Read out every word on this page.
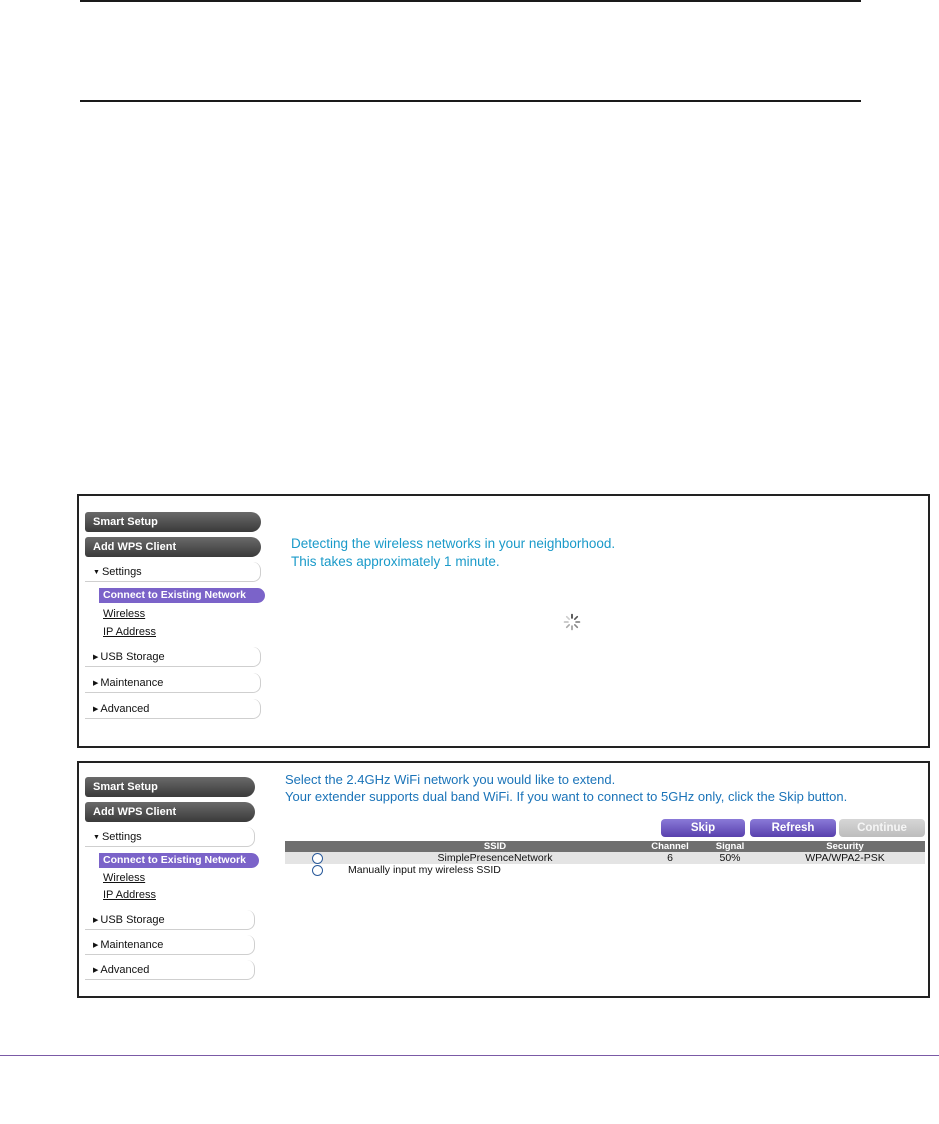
Smart Setup
Add WPS Client
▼ Settings
Connect to Existing Network
Wireless
IP Address
▶ USB Storage
▶ Maintenance
▶ Advanced
Detecting the wireless networks in your neighborhood.
This takes approximately 1 minute.
Smart Setup
Add WPS Client
▼ Settings
Connect to Existing Network
Wireless
IP Address
▶ USB Storage
▶ Maintenance
▶ Advanced
Select the 2.4GHz WiFi network you would like to extend.
Your extender supports dual band WiFi. If you want to connect to 5GHz only, click the Skip button.
Skip	Refresh	Continue
SSID	Channel	Signal	Security
SimplePresenceNetwork	6	50%	WPA/WPA2-PSK
Manually input my wireless SSID
